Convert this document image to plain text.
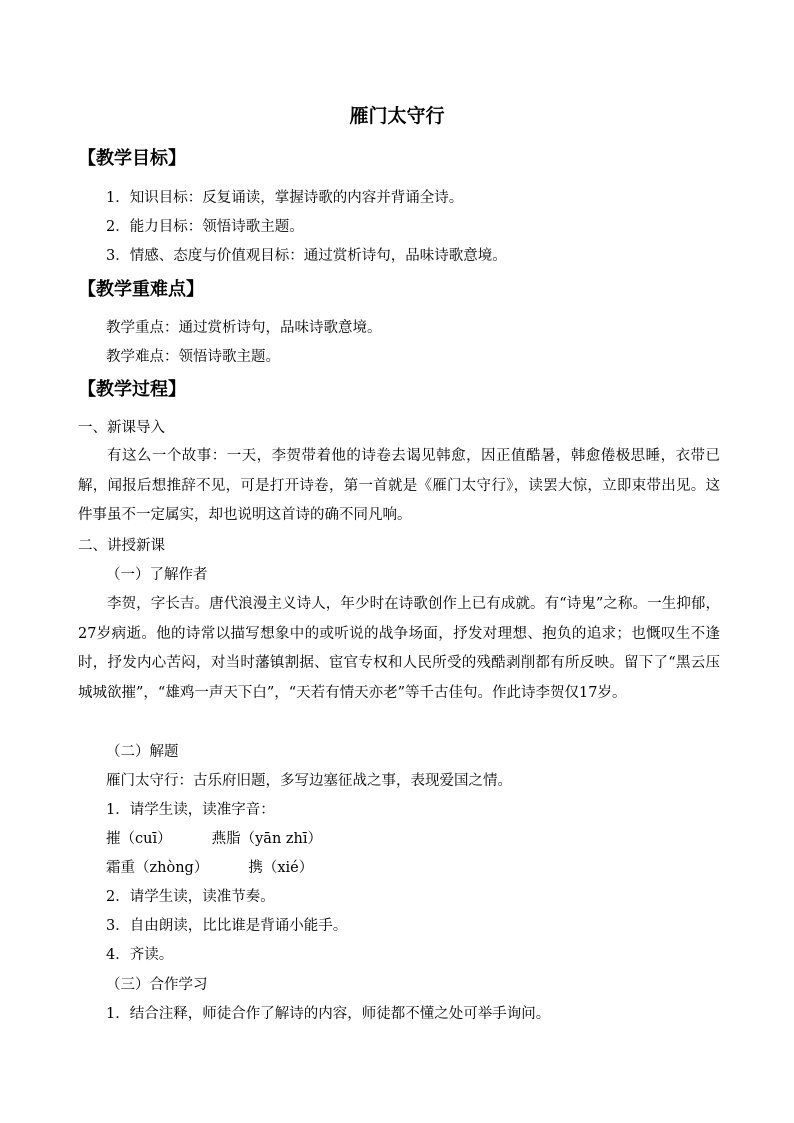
雁门太守行
【教学目标】
1．知识目标：反复诵读，掌握诗歌的内容并背诵全诗。
2．能力目标：领悟诗歌主题。
3．情感、态度与价值观目标：通过赏析诗句，品味诗歌意境。
【教学重难点】
教学重点：通过赏析诗句，品味诗歌意境。
教学难点：领悟诗歌主题。
【教学过程】
一、新课导入
有这么一个故事：一天，李贺带着他的诗卷去谒见韩愈，因正值酷暑，韩愈倦极思睡，衣带已解，闻报后想推辞不见，可是打开诗卷，第一首就是《雁门太守行》，读罢大惊，立即束带出见。这件事虽不一定属实，却也说明这首诗的确不同凡响。
二、讲授新课
（一）了解作者
李贺，字长吉。唐代浪漫主义诗人，年少时在诗歌创作上已有成就。有“诗鬼”之称。一生抑郁，27岁病逝。他的诗常以描写想象中的或听说的战争场面，抒发对理想、抱负的追求；也慨叹生不逢时，抒发内心苦闷，对当时藩镇割据、宦官专权和人民所受的残酷剥削都有所反映。留下了“黑云压城城欲摧”，“雄鸡一声天下白”，“天若有情天亦老”等千古佳句。作此诗李贺仅17岁。
（二）解题
雁门太守行：古乐府旧题，多写边塞征战之事，表现爱国之情。
1．请学生读，读准字音：
摧（cuī）	燕脂（yān zhī）
霜重（zhòng）	携（xié）
2．请学生读，读准节奏。
3．自由朗读，比比谁是背诵小能手。
4．齐读。
（三）合作学习
1．结合注释，师徒合作了解诗的内容，师徒都不懂之处可举手询问。
